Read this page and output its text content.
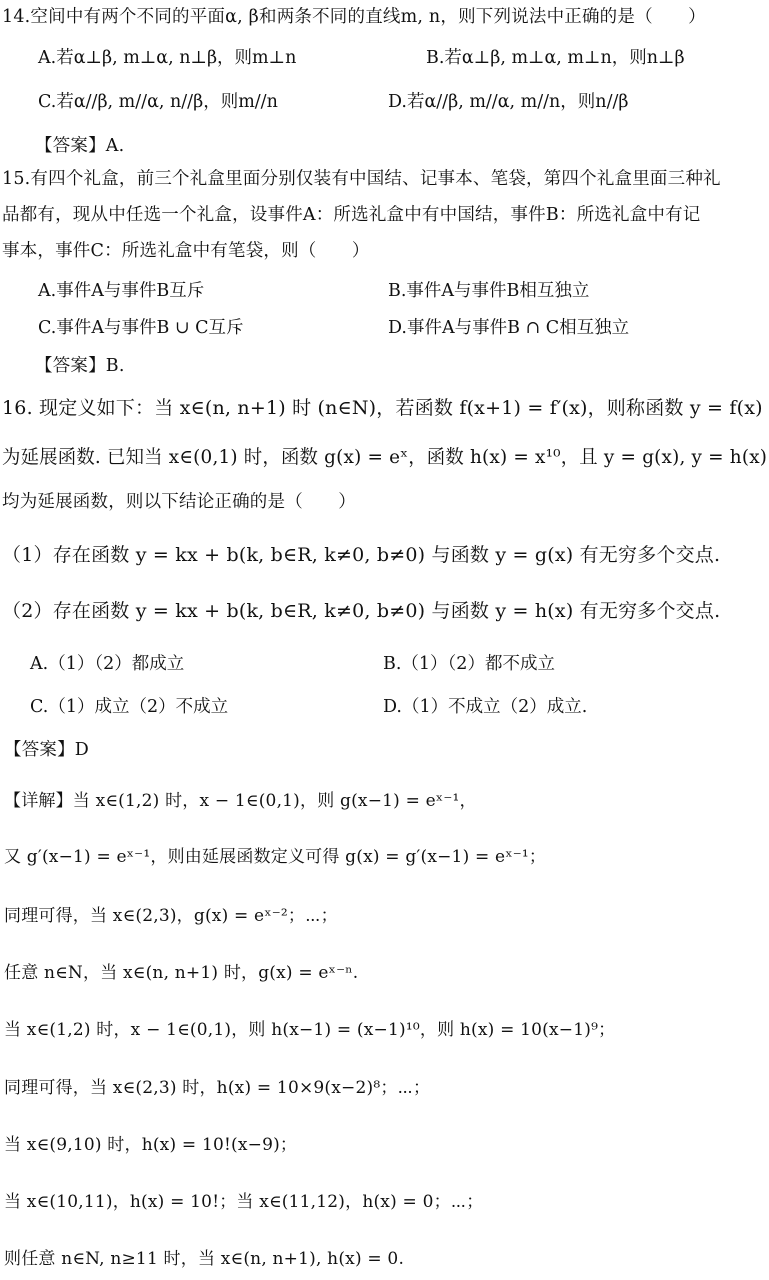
14.空间中有两个不同的平面α, β和两条不同的直线m, n，则下列说法中正确的是（　　）
A.若α⊥β, m⊥α, n⊥β，则m⊥n	B.若α⊥β, m⊥α, m⊥n，则n⊥β
C.若α//β, m//α, n//β，则m//n	D.若α//β, m//α, m//n，则n//β
【答案】A.
15.有四个礼盒，前三个礼盒里面分别仅装有中国结、记事本、笔袋，第四个礼盒里面三种礼
品都有，现从中任选一个礼盒，设事件A：所选礼盒中有中国结，事件B：所选礼盒中有记
事本，事件C：所选礼盒中有笔袋，则（　　）
A.事件A与事件B互斥	B.事件A与事件B相互独立
C.事件A与事件B ∪ C互斥	D.事件A与事件B ∩ C相互独立
【答案】B.
16. 现定义如下：当 x∈(n, n+1) 时 (n∈N)，若函数 f(x+1) = f′(x)，则称函数 y = f(x)
为延展函数. 已知当 x∈(0,1) 时，函数 g(x) = eˣ，函数 h(x) = x¹⁰，且 y = g(x), y = h(x)
均为延展函数，则以下结论正确的是（　　）
（1）存在函数 y = kx + b(k, b∈R, k≠0, b≠0) 与函数 y = g(x) 有无穷多个交点.
（2）存在函数 y = kx + b(k, b∈R, k≠0, b≠0) 与函数 y = h(x) 有无穷多个交点.
A.（1）（2）都成立	B.（1）（2）都不成立
C.（1）成立（2）不成立	D.（1）不成立（2）成立.
【答案】D
【详解】当 x∈(1,2) 时，x − 1∈(0,1)，则 g(x−1) = eˣ⁻¹，
又 g′(x−1) = eˣ⁻¹，则由延展函数定义可得 g(x) = g′(x−1) = eˣ⁻¹；
同理可得，当 x∈(2,3)，g(x) = eˣ⁻²；⋯；
任意 n∈N，当 x∈(n, n+1) 时，g(x) = eˣ⁻ⁿ.
当 x∈(1,2) 时，x − 1∈(0,1)，则 h(x−1) = (x−1)¹⁰，则 h(x) = 10(x−1)⁹；
同理可得，当 x∈(2,3) 时，h(x) = 10×9(x−2)⁸；⋯；
当 x∈(9,10) 时，h(x) = 10!(x−9)；
当 x∈(10,11)，h(x) = 10!；当 x∈(11,12)，h(x) = 0；⋯；
则任意 n∈N, n≥11 时，当 x∈(n, n+1), h(x) = 0.
